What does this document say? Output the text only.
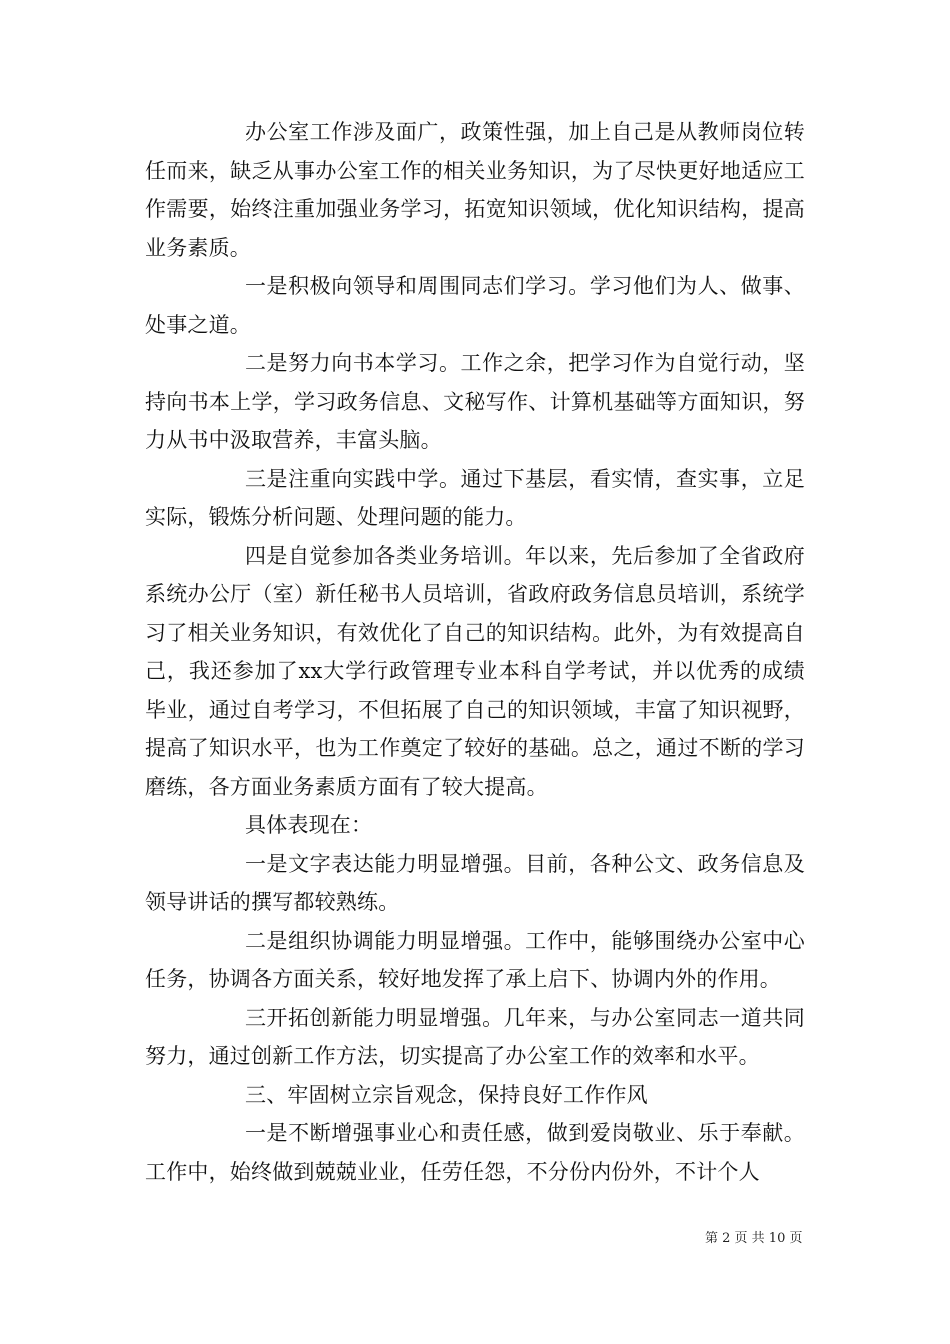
办公室工作涉及面广，政策性强，加上自己是从教师岗位转任而来，缺乏从事办公室工作的相关业务知识，为了尽快更好地适应工作需要，始终注重加强业务学习，拓宽知识领域，优化知识结构，提高业务素质。

一是积极向领导和周围同志们学习。学习他们为人、做事、处事之道。

二是努力向书本学习。工作之余，把学习作为自觉行动，坚持向书本上学，学习政务信息、文秘写作、计算机基础等方面知识，努力从书中汲取营养，丰富头脑。

三是注重向实践中学。通过下基层，看实情，查实事，立足实际，锻炼分析问题、处理问题的能力。

四是自觉参加各类业务培训。年以来，先后参加了全省政府系统办公厅（室）新任秘书人员培训，省政府政务信息员培训，系统学习了相关业务知识，有效优化了自己的知识结构。此外，为有效提高自己，我还参加了xx大学行政管理专业本科自学考试，并以优秀的成绩毕业，通过自考学习，不但拓展了自己的知识领域，丰富了知识视野，提高了知识水平，也为工作奠定了较好的基础。总之，通过不断的学习磨练，各方面业务素质方面有了较大提高。

具体表现在：

一是文字表达能力明显增强。目前，各种公文、政务信息及领导讲话的撰写都较熟练。

二是组织协调能力明显增强。工作中，能够围绕办公室中心任务，协调各方面关系，较好地发挥了承上启下、协调内外的作用。

三开拓创新能力明显增强。几年来，与办公室同志一道共同努力，通过创新工作方法，切实提高了办公室工作的效率和水平。

三、牢固树立宗旨观念，保持良好工作作风

一是不断增强事业心和责任感，做到爱岗敬业、乐于奉献。工作中，始终做到兢兢业业，任劳任怨，不分份内份外，不计个人

第 2 页 共 10 页
